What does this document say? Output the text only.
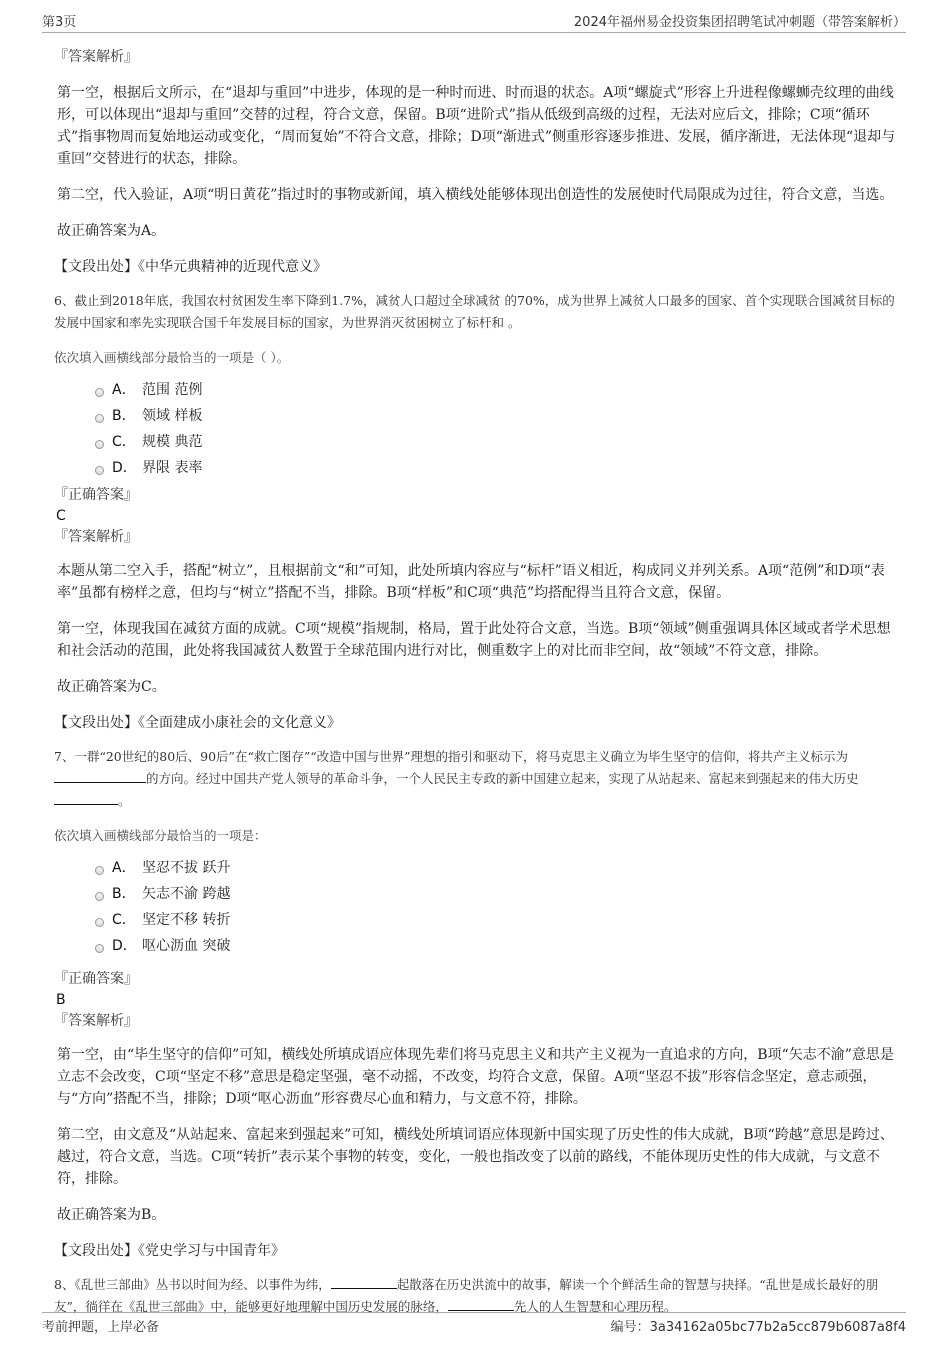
第3页	2024年福州易金投资集团招聘笔试冲刺题（带答案解析）
『答案解析』

第一空，根据后文所示，在“退却与重回”中进步，体现的是一种时而进、时而退的状态。A项“螺旋式”形容上升进程像螺蛳壳纹理的曲线形，可以体现出“退却与重回”交替的过程，符合文意，保留。B项“进阶式”指从低级到高级的过程，无法对应后文，排除；C项“循环式”指事物周而复始地运动或变化，“周而复始”不符合文意，排除；D项“渐进式”侧重形容逐步推进、发展，循序渐进，无法体现“退却与重回”交替进行的状态，排除。

第二空，代入验证，A项“明日黄花”指过时的事物或新闻，填入横线处能够体现出创造性的发展使时代局限成为过往，符合文意，当选。

故正确答案为A。

【文段出处】《中华元典精神的近现代意义》

6、截止到2018年底，我国农村贫困发生率下降到1.7%，减贫人口超过全球减贫 的70%，成为世界上减贫人口最多的国家、首个实现联合国减贫目标的发展中国家和率先实现联合国千年发展目标的国家，为世界消灭贫困树立了标杆和 。

依次填入画横线部分最恰当的一项是（ ）。

A． 范围 范例
B． 领域 样板
C． 规模 典范
D． 界限 表率
『正确答案』
C
『答案解析』

本题从第二空入手，搭配“树立”，且根据前文“和”可知，此处所填内容应与“标杆”语义相近，构成同义并列关系。A项“范例”和D项“表率”虽都有榜样之意，但均与“树立”搭配不当，排除。B项“样板”和C项“典范”均搭配得当且符合文意，保留。

第一空，体现我国在减贫方面的成就。C项“规模”指规制，格局，置于此处符合文意，当选。B项“领域”侧重强调具体区域或者学术思想和社会活动的范围，此处将我国减贫人数置于全球范围内进行对比，侧重数字上的对比而非空间，故“领域”不符文意，排除。

故正确答案为C。

【文段出处】《全面建成小康社会的文化意义》

7、一群“20世纪的80后、90后”在“救亡图存”“改造中国与世界”理想的指引和驱动下，将马克思主义确立为毕生坚守的信仰，将共产主义标示为的方向。经过中国共产党人领导的革命斗争，一个人民民主专政的新中国建立起来，实现了从站起来、富起来到强起来的伟大历史 。

依次填入画横线部分最恰当的一项是：

A． 坚忍不拔 跃升
B． 矢志不渝 跨越
C． 坚定不移 转折
D． 呕心沥血 突破
『正确答案』
B
『答案解析』

第一空，由“毕生坚守的信仰”可知，横线处所填成语应体现先辈们将马克思主义和共产主义视为一直追求的方向，B项“矢志不渝”意思是立志不会改变，C项“坚定不移”意思是稳定坚强，毫不动摇，不改变，均符合文意，保留。A项“坚忍不拔”形容信念坚定，意志顽强，与“方向”搭配不当，排除；D项“呕心沥血”形容费尽心血和精力，与文意不符，排除。

第二空，由文意及“从站起来、富起来到强起来”可知，横线处所填词语应体现新中国实现了历史性的伟大成就，B项“跨越”意思是跨过、越过，符合文意，当选。C项“转折”表示某个事物的转变，变化，一般也指改变了以前的路线，不能体现历史性的伟大成就，与文意不符，排除。

故正确答案为B。

【文段出处】《党史学习与中国青年》

8、《乱世三部曲》丛书以时间为经、以事件为纬，	起散落在历史洪流中的故事，解读一个个鲜活生命的智慧与抉择。“乱世是成长最好的朋友”，徜徉在《乱世三部曲》中，能够更好地理解中国历史发展的脉络，	先人的人生智慧和心理历程。

考前押题，上岸必备	编号：3a34162a05bc77b2a5cc879b6087a8f4
